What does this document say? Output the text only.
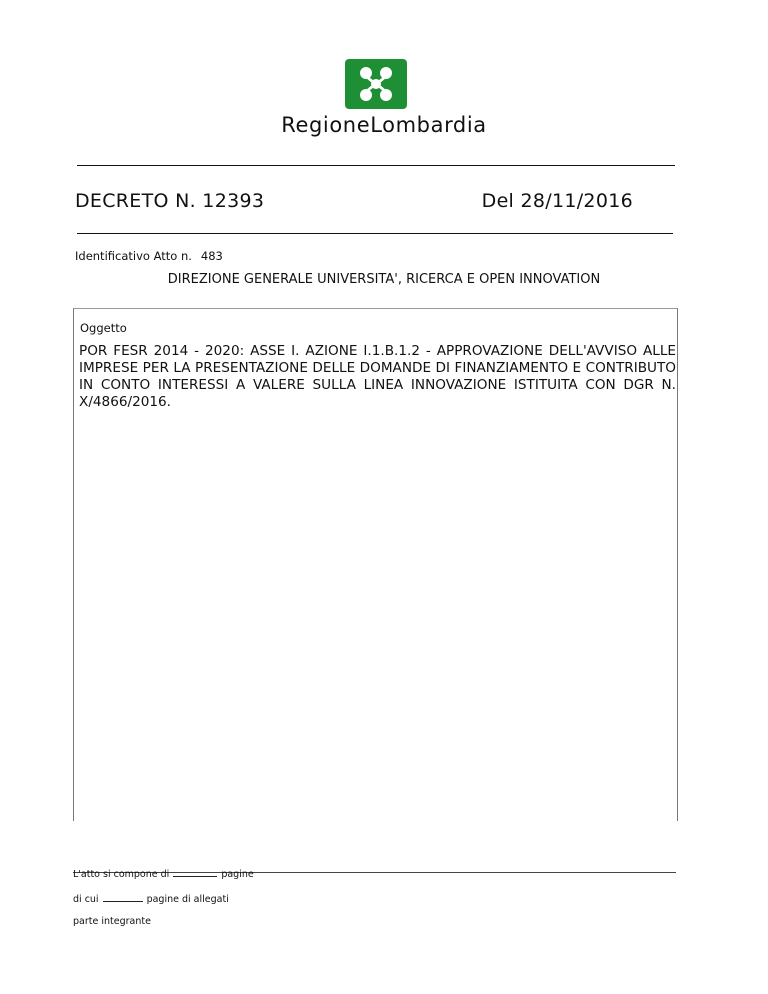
RegioneLombardia
DECRETO N. 12393	Del 28/11/2016
Identificativo Atto n. 483
DIREZIONE GENERALE UNIVERSITA', RICERCA E OPEN INNOVATION
Oggetto
POR FESR 2014 - 2020: ASSE I. AZIONE I.1.B.1.2 - APPROVAZIONE DELL'AVVISO ALLE IMPRESE PER LA PRESENTAZIONE DELLE DOMANDE DI FINANZIAMENTO E CONTRIBUTO IN CONTO INTERESSI A VALERE SULLA LINEA INNOVAZIONE ISTITUITA CON DGR N. X/4866/2016.
L'atto si compone di	pagine
di cui	pagine di allegati
parte integrante
